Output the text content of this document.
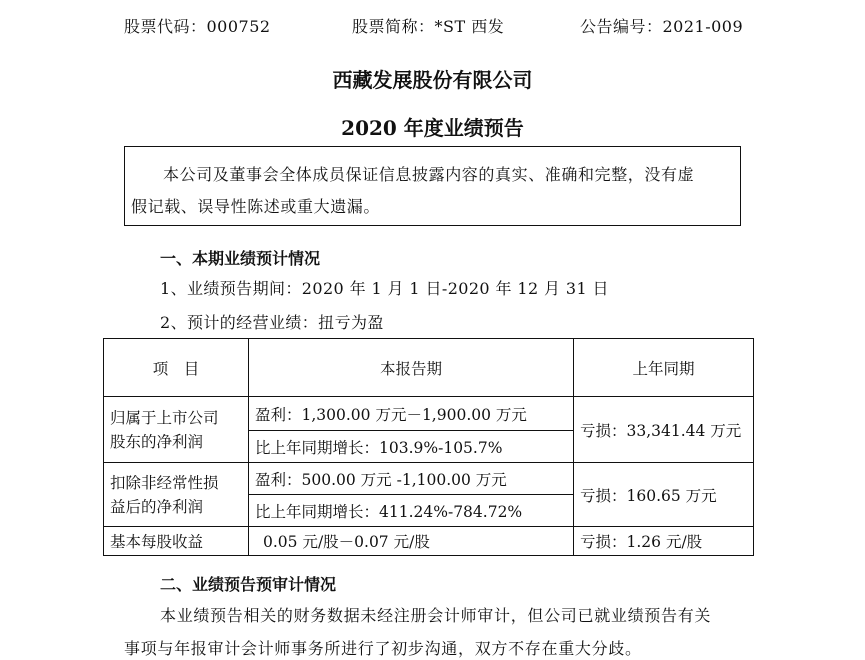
股票代码：000752	股票简称：*ST 西发	公告编号：2021-009
西藏发展股份有限公司
2020 年度业绩预告

本公司及董事会全体成员保证信息披露内容的真实、准确和完整，没有虚

假记载、误导性陈述或重大遗漏。

一、本期业绩预计情况
1、业绩预告期间：2020 年 1 月 1 日-2020 年 12 月 31 日
2、预计的经营业绩：扭亏为盈
项　目	本报告期	上年同期

归属于上市公司
股东的净利润	盈利：1,300.00 万元－1,900.00 万元	亏损：33,341.44 万元
	比上年同期增长：103.9%-105.7%	

扣除非经常性损
益后的净利润	盈利：500.00 万元 -1,100.00 万元	亏损：160.65 万元
	比上年同期增长：411.24%-784.72%	
基本每股收益	0.05 元/股－0.07 元/股	亏损：1.26 元/股
二、业绩预告预审计情况
本业绩预告相关的财务数据未经注册会计师审计，但公司已就业绩预告有关
事项与年报审计会计师事务所进行了初步沟通，双方不存在重大分歧。
